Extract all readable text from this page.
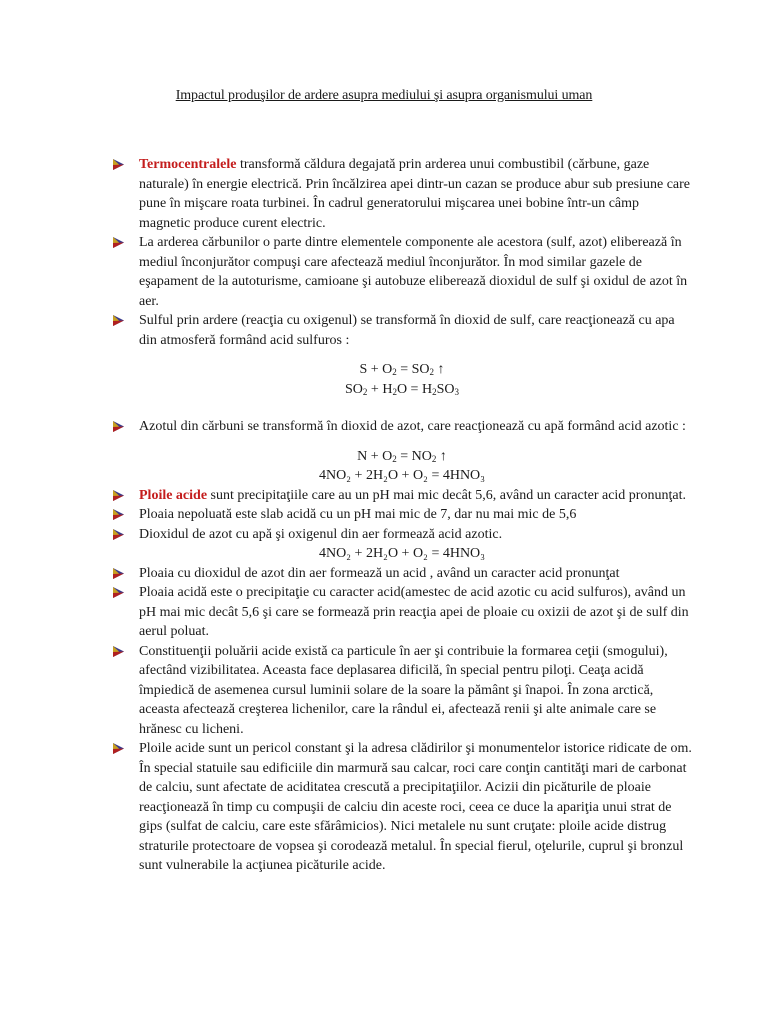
Impactul produşilor de ardere asupra mediului şi asupra organismului uman

Termocentralele transformă căldura degajată prin arderea unui combustibil (cărbune, gaze naturale) în energie electrică. Prin încălzirea apei dintr-un cazan se produce abur sub presiune care pune în mişcare roata turbinei. În cadrul generatorului mişcarea unei bobine într-un câmp magnetic produce curent electric.

La arderea cărbunilor o parte dintre elementele componente ale acestora (sulf, azot) eliberează în mediul înconjurător compuşi care afectează mediul înconjurător. În mod similar gazele de eşapament de la autoturisme, camioane şi autobuze eliberează dioxidul de sulf şi oxidul de azot în aer.

Sulful prin ardere (reacţia cu oxigenul) se transformă în dioxid de sulf, care reacţionează cu apa din atmosferă formând acid sulfuros :

$S + O_2 = SO_2$ ↑
$SO_2 + H_2O = H_2SO_3$

Azotul din cărbuni se transformă în dioxid de azot, care reacţionează cu apă formând acid azotic :

$N + O_2 = NO_2$ ↑
4NO₂ + 2H₂O + O₂ = 4HNO₃

Ploile acide sunt precipitaţiile care au un pH mai mic decât 5,6, având un caracter acid pronunţat.

Ploaia nepoluată este slab acidă cu un pH mai mic de 7, dar nu mai mic de 5,6

Dioxidul de azot cu apă şi oxigenul din aer formează acid azotic.

4NO₂ + 2H₂O + O₂ = 4HNO₃

Ploaia cu dioxidul de azot din aer formează un acid , având un caracter acid pronunţat

Ploaia acidă este o precipitaţie cu caracter acid(amestec de acid azotic cu acid sulfuros), având un pH mai mic decât 5,6 şi care se formează prin reacţia apei de ploaie cu oxizii de azot şi de sulf din aerul poluat.

Constituenţii poluării acide există ca particule în aer şi contribuie la formarea ceţii (smogului), afectând vizibilitatea. Aceasta face deplasarea dificilă, în special pentru piloţi. Ceaţa acidă împiedică de asemenea cursul luminii solare de la soare la pământ şi înapoi. În zona arctică, aceasta afectează creşterea lichenilor, care la rândul ei, afectează renii şi alte animale care se hrănesc cu licheni.

Ploile acide sunt un pericol constant şi la adresa clădirilor şi monumentelor istorice ridicate de om. În special statuile sau edificiile din marmură sau calcar, roci care conţin cantităţi mari de carbonat de calciu, sunt afectate de aciditatea crescută a precipitaţiilor. Acizii din picăturile de ploaie reacţionează în timp cu compuşii de calciu din aceste roci, ceea ce duce la apariţia unui strat de gips (sulfat de calciu, care este sfărâmicios). Nici metalele nu sunt cruţate: ploile acide distrug straturile protectoare de vopsea şi corodează metalul. În special fierul, oţelurile, cuprul şi bronzul sunt vulnerabile la acţiunea picăturile acide.
